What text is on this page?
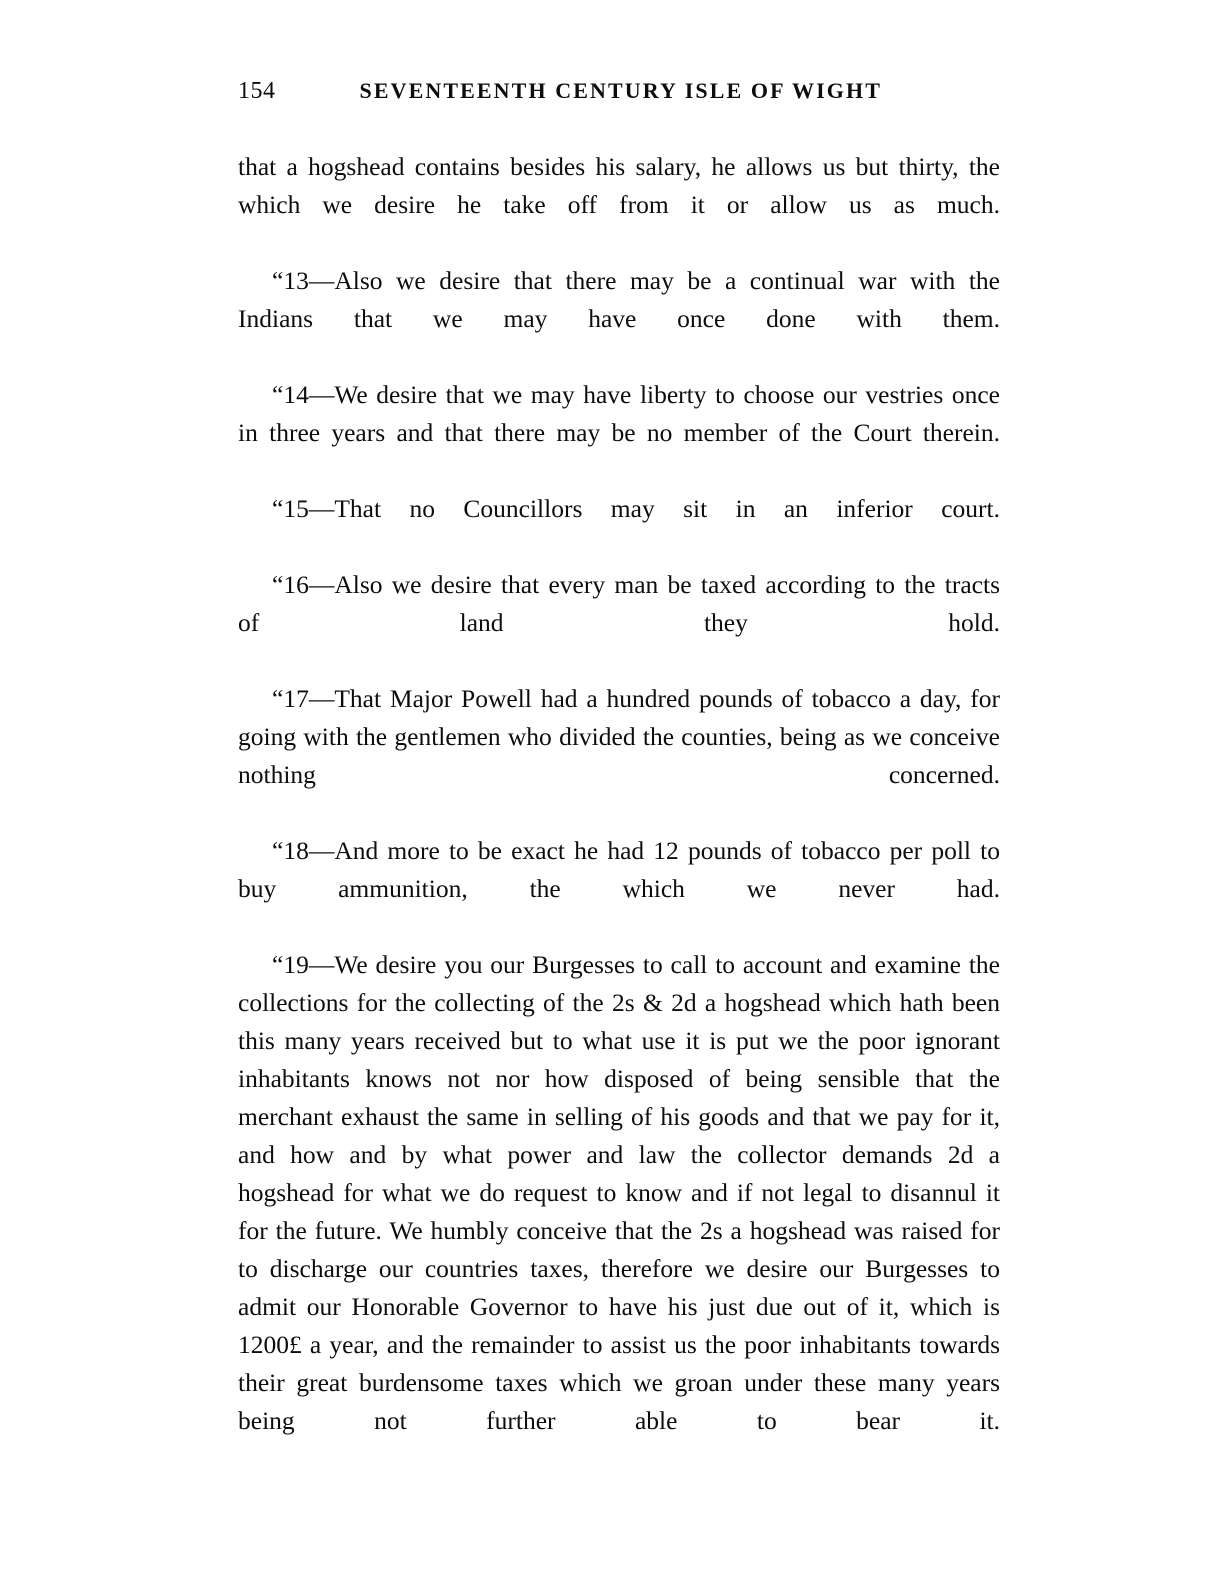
154	SEVENTEENTH CENTURY ISLE OF WIGHT

that a hogshead contains besides his salary, he allows us but thirty, the which we desire he take off from it or allow us as much.

“13—Also we desire that there may be a continual war with the Indians that we may have once done with them.

“14—We desire that we may have liberty to choose our vestries once in three years and that there may be no member of the Court therein.

“15—That no Councillors may sit in an inferior court.

“16—Also we desire that every man be taxed according to the tracts of land they hold.

“17—That Major Powell had a hundred pounds of tobacco a day, for going with the gentlemen who divided the counties, being as we conceive nothing concerned.

“18—And more to be exact he had 12 pounds of tobacco per poll to buy ammunition, the which we never had.

“19—We desire you our Burgesses to call to account and examine the collections for the collecting of the 2s & 2d a hogshead which hath been this many years received but to what use it is put we the poor ignorant inhabitants knows not nor how disposed of being sensible that the merchant exhaust the same in selling of his goods and that we pay for it, and how and by what power and law the collector demands 2d a hogshead for what we do request to know and if not legal to disannul it for the future. We humbly conceive that the 2s a hogshead was raised for to discharge our countries taxes, therefore we desire our Burgesses to admit our Honorable Governor to have his just due out of it, which is 1200£ a year, and the remainder to assist us the poor inhabitants towards their great burdensome taxes which we groan under these many years being not further able to bear it.
